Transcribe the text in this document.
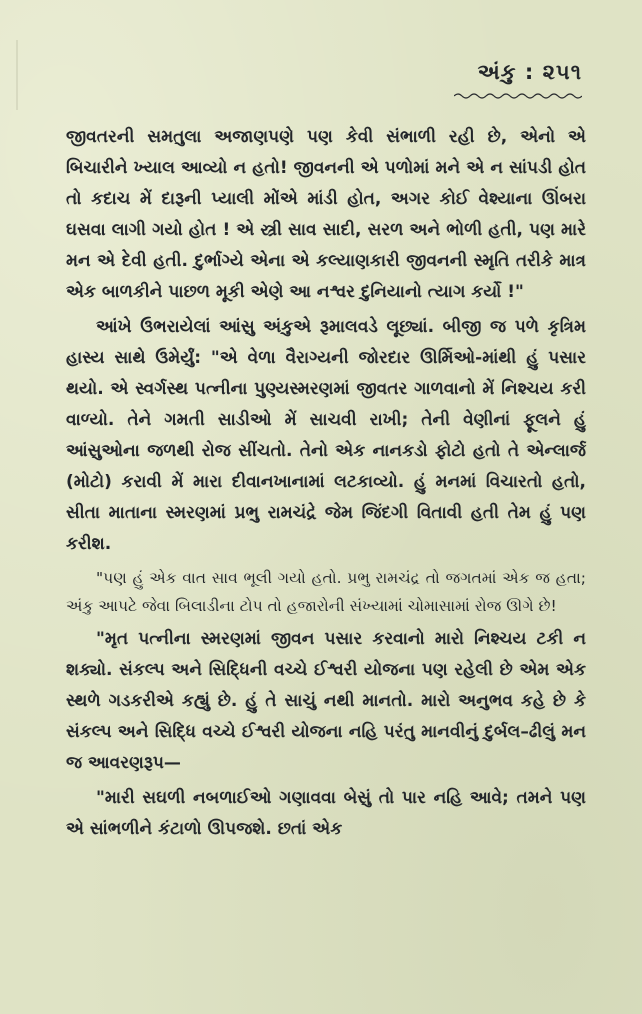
અંકુ : ૨૫૧

જીવતરની સમતુલા અજાણપણે પણ કેવી સંભાળી રહી છે, એનો એ બિચારીને ખ્યાલ આવ્યો ન હતો! જીવનની એ પળોમાં મને એ ન સાંપડી હોત તો કદાચ મેં દારૂની પ્યાલી મોંએ માંડી હોત, અગર કોઈ વેશ્યાના ઊંબરા ઘસવા લાગી ગયો હોત ! એ સ્ત્રી સાવ સાદી, સરળ અને ભોળી હતી, પણ મારે મન એ દેવી હતી. દુર્ભાગ્યે એના એ કલ્યાણકારી જીવનની સ્મૃતિ તરીકે માત્ર એક બાળકીને પાછળ મૂકી એણે આ નશ્વર દુનિયાનો ત્યાગ કર્યો !"

આંખે ઉભરાયેલાં આંસુ અંકુએ રૂમાલવડે લૂછ્યાં. બીજી જ પળે કૃત્રિમ હાસ્ય સાથે ઉમેર્યું: "એ વેળા વૈરાગ્યની જોરદાર ઊર્મિઓ-માંથી હું પસાર થયો. એ સ્વર્ગસ્થ પત્નીના પુણ્યસ્મરણમાં જીવતર ગાળવાનો મેં નિશ્ચય કરી વાળ્યો. તેને ગમતી સાડીઓ મેં સાચવી રાખી; તેની વેણીનાં ફૂલને હું આંસુઓના જળથી રોજ સીંચતો. તેનો એક નાનકડો ફોટો હતો તે એન્લાર્જ (મોટો) કરાવી મેં મારા દીવાનખાનામાં લટકાવ્યો. હું મનમાં વિચારતો હતો, સીતા માતાના સ્મરણમાં પ્રભુ રામચંદ્રે જેમ જિંદગી વિતાવી હતી તેમ હું પણ કરીશ.

"પણ હું એક વાત સાવ ભૂલી ગયો હતો. પ્રભુ રામચંદ્ર તો જગતમાં એક જ હતા; અંકુ આપટે જેવા બિલાડીના ટોપ તો હજારોની સંખ્યામાં ચોમાસામાં રોજ ઊગે છે!

"મૃત પત્નીના સ્મરણમાં જીવન પસાર કરવાનો મારો નિશ્ચય ટકી ન શક્યો. સંકલ્પ અને સિદ્ધિની વચ્ચે ઈશ્વરી યોજના પણ રહેલી છે એમ એક સ્થળે ગડકરીએ કહ્યું છે. હું તે સાચું નથી માનતો. મારો અનુભવ કહે છે કે સંકલ્પ અને સિદ્ધિ વચ્ચે ઈશ્વરી યોજના નહિ પરંતુ માનવીનું દુર્બલ–ઢીલું મન જ આવરણરૂપ—

"મારી સઘળી નબળાઈઓ ગણાવવા બેસું તો પાર નહિ આવે; તમને પણ એ સાંભળીને કંટાળો ઊપજશે. છતાં એક
